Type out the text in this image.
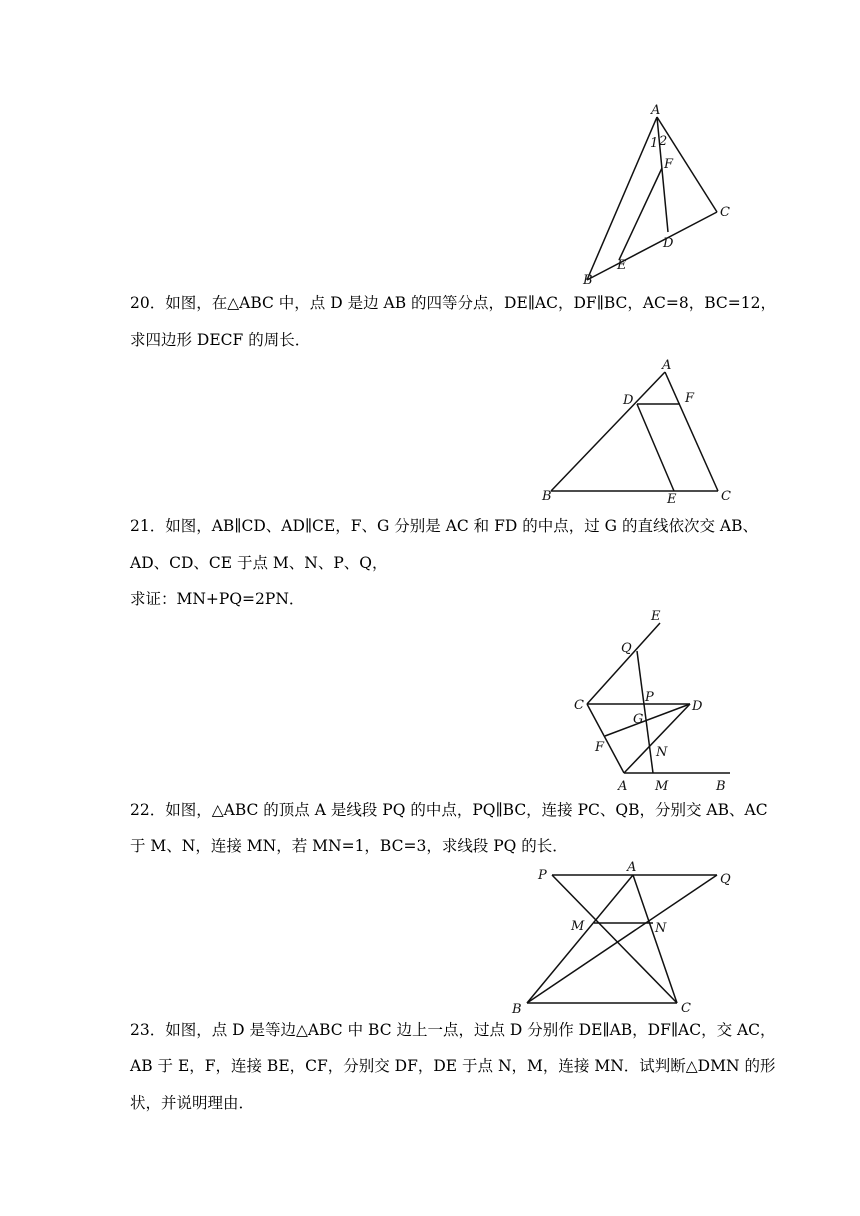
A
1 2
F
C
D
E
B
20．如图，在△ABC 中，点 D 是边 AB 的四等分点，DE∥AC，DF∥BC，AC=8，BC=12，
求四边形 DECF 的周长．
A
D	F
B	E	C
21．如图，AB∥CD、AD∥CE，F、G 分别是 AC 和 FD 的中点，过 G 的直线依次交 AB、
AD、CD、CE 于点 M、N、P、Q，
求证：MN+PQ=2PN．
E
Q
C
P
D
G
F	N
A M	B
22．如图，△ABC 的顶点 A 是线段 PQ 的中点，PQ∥BC，连接 PC、QB，分别交 AB、AC
于 M、N，连接 MN，若 MN=1，BC=3，求线段 PQ 的长．
P
A
Q
M	N
B	C
23．如图，点 D 是等边△ABC 中 BC 边上一点，过点 D 分别作 DE∥AB，DF∥AC，交 AC，
AB 于 E，F，连接 BE，CF，分别交 DF，DE 于点 N，M，连接 MN．试判断△DMN 的形
状，并说明理由．
